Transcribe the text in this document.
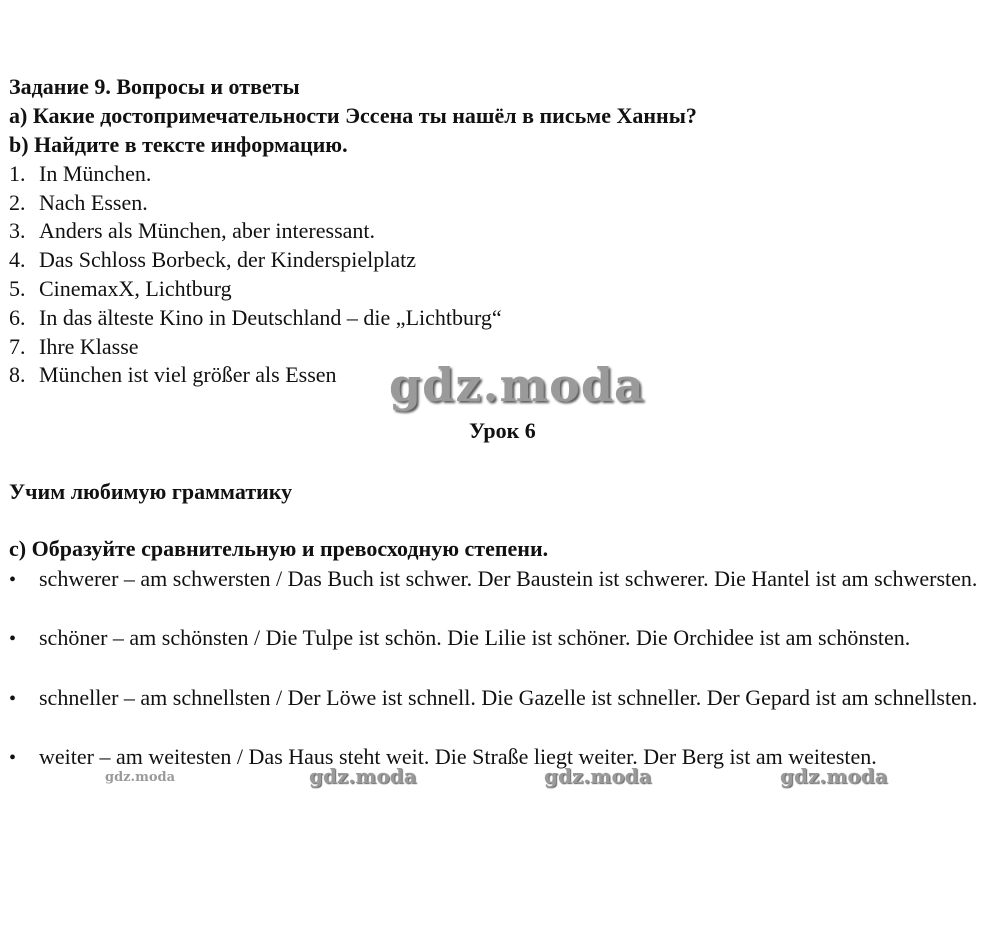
Задание 9. Вопросы и ответы
a) Какие достопримечательности Эссена ты нашёл в письме Ханны?
b) Найдите в тексте информацию.
1. In München.
2. Nach Essen.
3. Anders als München, aber interessant.
4. Das Schloss Borbeck, der Kinderspielplatz
5. CinemaxX, Lichtburg
6. In das älteste Kino in Deutschland – die „Lichtburg“
7. Ihre Klasse
8. München ist viel größer als Essen gdz.moda
Урок 6
Учим любимую грамматику
c) Образуйте сравнительную и превосходную степени.
• schwerer – am schwersten / Das Buch ist schwer. Der Baustein ist schwerer. Die Hantel ist am schwersten.
• schöner – am schönsten / Die Tulpe ist schön. Die Lilie ist schöner. Die Orchidee ist am schönsten.
• schneller – am schnellsten / Der Löwe ist schnell. Die Gazelle ist schneller. Der Gepard ist am schnellsten.
• weiter – am weitesten / Das Haus steht weit. Die Straße liegt weiter. Der Berg ist am weitesten.
gdz.moda	gdz.moda	gdz.moda	gdz.moda
